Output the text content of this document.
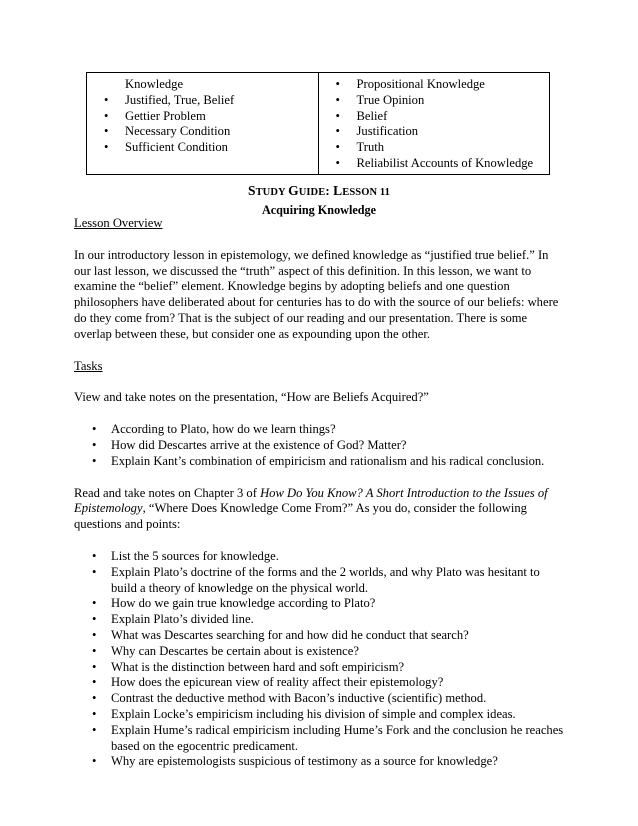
Knowledge
• Justified, True, Belief
• Gettier Problem
• Necessary Condition
• Sufficient Condition

• Propositional Knowledge
• True Opinion
• Belief
• Justification
• Truth
• Reliabilist Accounts of Knowledge
STUDY GUIDE: LESSON 11
Acquiring Knowledge

Lesson Overview

In our introductory lesson in epistemology, we defined knowledge as “justified true belief.” In our last lesson, we discussed the “truth” aspect of this definition. In this lesson, we want to examine the “belief” element. Knowledge begins by adopting beliefs and one question philosophers have deliberated about for centuries has to do with the source of our beliefs: where do they come from? That is the subject of our reading and our presentation. There is some overlap between these, but consider one as expounding upon the other.

Tasks

View and take notes on the presentation, “How are Beliefs Acquired?”

• According to Plato, how do we learn things?
• How did Descartes arrive at the existence of God? Matter?
• Explain Kant’s combination of empiricism and rationalism and his radical conclusion.

Read and take notes on Chapter 3 of How Do You Know? A Short Introduction to the Issues of Epistemology, “Where Does Knowledge Come From?” As you do, consider the following questions and points:

• List the 5 sources for knowledge.
• Explain Plato’s doctrine of the forms and the 2 worlds, and why Plato was hesitant to build a theory of knowledge on the physical world.
• How do we gain true knowledge according to Plato?
• Explain Plato’s divided line.
• What was Descartes searching for and how did he conduct that search?
• Why can Descartes be certain about is existence?
• What is the distinction between hard and soft empiricism?
• How does the epicurean view of reality affect their epistemology?
• Contrast the deductive method with Bacon’s inductive (scientific) method.
• Explain Locke’s empiricism including his division of simple and complex ideas.
• Explain Hume’s radical empiricism including Hume’s Fork and the conclusion he reaches based on the egocentric predicament.
• Why are epistemologists suspicious of testimony as a source for knowledge?
